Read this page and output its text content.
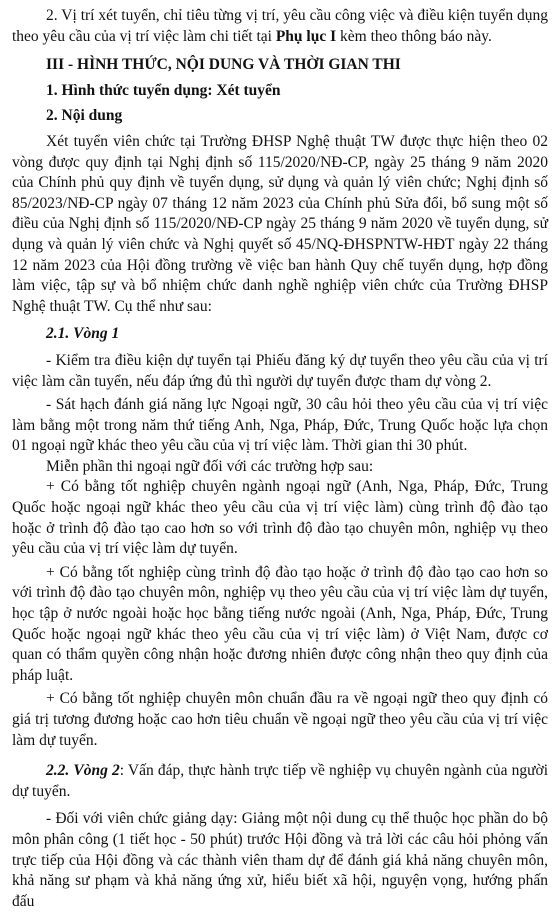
2. Vị trí xét tuyển, chỉ tiêu từng vị trí, yêu cầu công việc và điều kiện tuyển dụng theo yêu cầu của vị trí việc làm chi tiết tại Phụ lục I kèm theo thông báo này.

III - HÌNH THỨC, NỘI DUNG VÀ THỜI GIAN THI

1. Hình thức tuyển dụng: Xét tuyển

2. Nội dung

Xét tuyển viên chức tại Trường ĐHSP Nghệ thuật TW được thực hiện theo 02 vòng được quy định tại Nghị định số 115/2020/NĐ-CP, ngày 25 tháng 9 năm 2020 của Chính phủ quy định về tuyển dụng, sử dụng và quản lý viên chức; Nghị định số 85/2023/NĐ-CP ngày 07 tháng 12 năm 2023 của Chính phủ Sửa đổi, bổ sung một số điều của Nghị định số 115/2020/NĐ-CP ngày 25 tháng 9 năm 2020 về tuyển dụng, sử dụng và quản lý viên chức và Nghị quyết số 45/NQ-ĐHSPNTW-HĐT ngày 22 tháng 12 năm 2023 của Hội đồng trường về việc ban hành Quy chế tuyển dụng, hợp đồng làm việc, tập sự và bổ nhiệm chức danh nghề nghiệp viên chức của Trường ĐHSP Nghệ thuật TW. Cụ thể như sau:

2.1. Vòng 1

- Kiểm tra điều kiện dự tuyển tại Phiếu đăng ký dự tuyển theo yêu cầu của vị trí việc làm cần tuyển, nếu đáp ứng đủ thì người dự tuyển được tham dự vòng 2.

- Sát hạch đánh giá năng lực Ngoại ngữ, 30 câu hỏi theo yêu cầu của vị trí việc làm bằng một trong năm thứ tiếng Anh, Nga, Pháp, Đức, Trung Quốc hoặc lựa chọn 01 ngoại ngữ khác theo yêu cầu của vị trí việc làm. Thời gian thi 30 phút.

Miễn phần thi ngoại ngữ đối với các trường hợp sau:

+ Có bằng tốt nghiệp chuyên ngành ngoại ngữ (Anh, Nga, Pháp, Đức, Trung Quốc hoặc ngoại ngữ khác theo yêu cầu của vị trí việc làm) cùng trình độ đào tạo hoặc ở trình độ đào tạo cao hơn so với trình độ đào tạo chuyên môn, nghiệp vụ theo yêu cầu của vị trí việc làm dự tuyển.

+ Có bằng tốt nghiệp cùng trình độ đào tạo hoặc ở trình độ đào tạo cao hơn so với trình độ đào tạo chuyên môn, nghiệp vụ theo yêu cầu của vị trí việc làm dự tuyển, học tập ở nước ngoài hoặc học bằng tiếng nước ngoài (Anh, Nga, Pháp, Đức, Trung Quốc hoặc ngoại ngữ khác theo yêu cầu của vị trí việc làm) ở Việt Nam, được cơ quan có thẩm quyền công nhận hoặc đương nhiên được công nhận theo quy định của pháp luật.

+ Có bằng tốt nghiệp chuyên môn chuẩn đầu ra về ngoại ngữ theo quy định có giá trị tương đương hoặc cao hơn tiêu chuẩn về ngoại ngữ theo yêu cầu của vị trí việc làm dự tuyển.

2.2. Vòng 2: Vấn đáp, thực hành trực tiếp về nghiệp vụ chuyên ngành của người dự tuyển.

- Đối với viên chức giảng dạy: Giảng một nội dung cụ thể thuộc học phần do bộ môn phân công (1 tiết học - 50 phút) trước Hội đồng và trả lời các câu hỏi phỏng vấn trực tiếp của Hội đồng và các thành viên tham dự để đánh giá khả năng chuyên môn, khả năng sư phạm và khả năng ứng xử, hiểu biết xã hội, nguyện vọng, hướng phấn đấu
